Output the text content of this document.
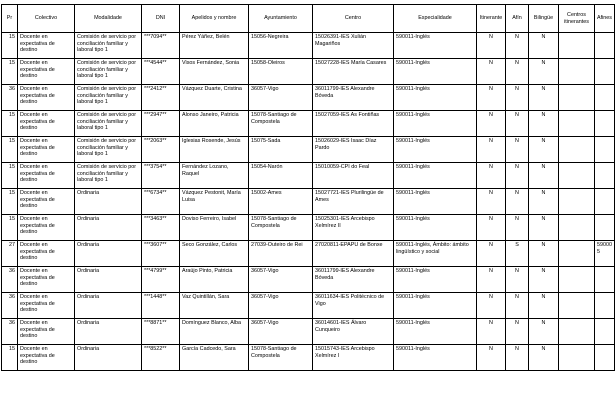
Pr	Colectivo	Modalidade	DNI	Apelidos y nombre	Ayuntamiento	Centro	Especialidade	Itinerante	Afín	Bilingüe	Centros itinerantes	Afines
15	Docente en expectativa de destino	Comisión de servicio por conciliación familiar y laboral tipo 1	***7094**	Pérez Yáñez, Belén	15056-Negreira	15026391-IES Xulián Magariños	590011-Inglés	N	N	N		
15	Docente en expectativa de destino	Comisión de servicio por conciliación familiar y laboral tipo 1	***4544**	Visos Fernández, Sonia	15058-Oleiros	15027228-IES María Casares	590011-Inglés	N	N	N		
36	Docente en expectativa de destino	Comisión de servicio por conciliación familiar y laboral tipo 1	***2412**	Vázquez Duarte, Cristina	36057-Vigo	36011799-IES Alexandre Bóveda	590011-Inglés	N	N	N		
15	Docente en expectativa de destino	Comisión de servicio por conciliación familiar y laboral tipo 1	***2947**	Alonso Janeiro, Patricia	15078-Santiago de Compostela	15027059-IES As Fontiñas	590011-Inglés	N	N	N		
15	Docente en expectativa de destino	Comisión de servicio por conciliación familiar y laboral tipo 1	***2063**	Iglesias Rosende, Jesús	15075-Sada	15026029-IES Isaac Díaz Pardo	590011-Inglés	N	N	N		
15	Docente en expectativa de destino	Comisión de servicio por conciliación familiar y laboral tipo 1	***3754**	Fernández Lozano, Raquel	15054-Narón	15010059-CPI do Feal	590011-Inglés	N	N	N		
15	Docente en expectativa de destino	Ordinaria	***6734**	Vázquez Pestonit, María Luisa	15002-Ames	15027721-IES Plurilingüe de Ames	590011-Inglés	N	N	N		
15	Docente en expectativa de destino	Ordinaria	***3463**	Doviso Ferreiro, Isabel	15078-Santiago de Compostela	15025301-IES Arcebispo Xelmírez II	590011-Inglés	N	N	N		
27	Docente en expectativa de destino	Ordinaria	***3607**	Seco González, Carlos	27039-Outeiro de Rei	27020811-EPAPU de Bonxe	590011-Inglés, Ámbito: ámbito lingüístico y social	N	S	N		590005
36	Docente en expectativa de destino	Ordinaria	***4799**	Araújo Pinto, Patricia	36057-Vigo	36011799-IES Alexandre Bóveda	590011-Inglés	N	N	N		
36	Docente en expectativa de destino	Ordinaria	***1448**	Vaz Quintillán, Sara	36057-Vigo	36011634-IES Politécnico de Vigo	590011-Inglés	N	N	N		
36	Docente en expectativa de destino	Ordinaria	***8871**	Domínguez Blanco, Alba	36057-Vigo	36014601-IES Álvaro Cunqueiro	590011-Inglés	N	N	N		
15	Docente en expectativa de destino	Ordinaria	***8522**	García Cadcedo, Sara	15078-Santiago de Compostela	15015743-IES Arcebispo Xelmírez I	590011-Inglés	N	N	N		
